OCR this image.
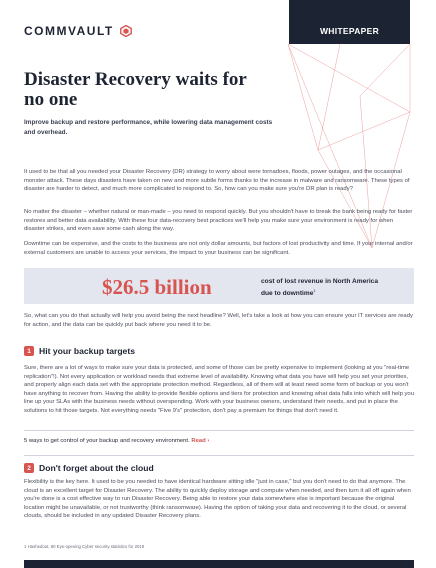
COMMVAULT	WHITEPAPER
Disaster Recovery waits for no one

Improve backup and restore performance, while lowering data management costs and overhead.

It used to be that all you needed your Disaster Recovery (DR) strategy to worry about were tornadoes, floods, power outages, and the occasional monster attack. These days disasters have taken on new and more subtle forms thanks to the increase in malware and ransomware. These types of disaster are harder to detect, and much more complicated to respond to. So, how can you make sure you're DR plan is ready?

No matter the disaster – whether natural or man-made – you need to respond quickly. But you shouldn't have to break the bank being ready for faster restores and better data availability. With these four data-recovery best practices we'll help you make sure your environment is ready for when disaster strikes, and even save some cash along the way.

Downtime can be expensive, and the costs to the business are not only dollar amounts, but factors of lost productivity and time. If your internal and/or external customers are unable to access your services, the impact to your business can be significant.

$26.5 billion	cost of lost revenue in North America due to downtime$^1$

So, what can you do that actually will help you avoid being the next headline? Well, let's take a look at how you can ensure your IT services are ready for action, and the data can be quickly put back where you need it to be.

1 Hit your backup targets

Sure, there are a lot of ways to make sure your data is protected, and some of those can be pretty expensive to implement (looking at you "real-time replication"!). Not every application or workload needs that extreme level of availability. Knowing what data you have will help you set your priorities, and properly align each data set with the appropriate protection method. Regardless, all of them will at least need some form of backup or you won't have anything to recover from. Having the ability to provide flexible options and tiers for protection and knowing what data falls into which will help you line up your SLAs with the business needs without overspending. Work with your business owners, understand their needs, and put in place the solutions to hit those targets. Not everything needs "Five 9's" protection, don't pay a premium for things that don't need it.

5 ways to get control of your backup and recovery environment. Read ›
2 Don't forget about the cloud

Flexibility is the key here. It used to be you needed to have identical hardware sitting idle "just in case," but you don't need to do that anymore. The cloud is an excellent target for Disaster Recovery. The ability to quickly deploy storage and compute when needed, and then turn it all off again when you're done is a cost effective way to run Disaster Recovery. Being able to restore your data somewhere else is important because the original location might be unavailable, or not trustworthy (think ransomware). Having the option of taking your data and recovering it to the cloud, or several clouds, should be included in any updated Disaster Recovery plans.

1 Hashedout, 80 Eye-opening Cyber security statistics for 2019
